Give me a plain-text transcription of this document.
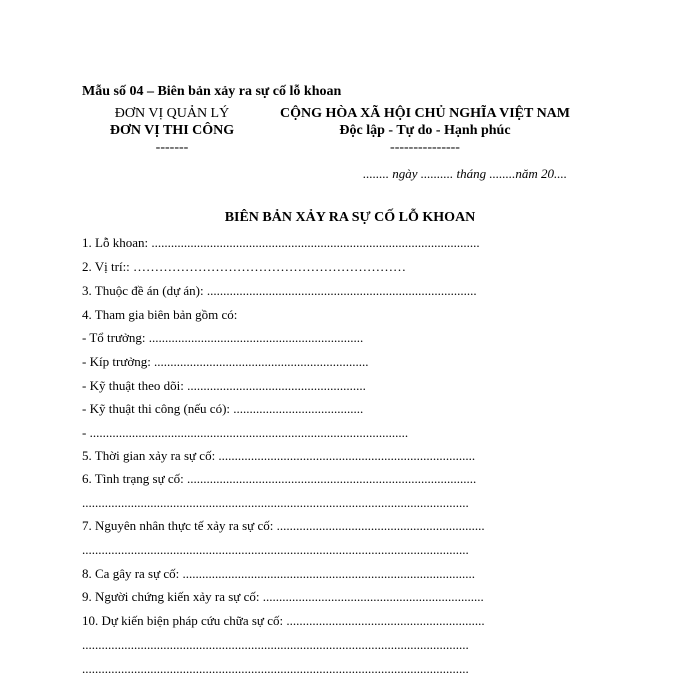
Mẫu số 04 – Biên bản xảy ra sự cố lỗ khoan
ĐƠN VỊ QUẢN LÝ
ĐƠN VỊ THI CÔNG
-------
CỘNG HÒA XÃ HỘI CHỦ NGHĨA VIỆT NAM
Độc lập - Tự do - Hạnh phúc
---------------
........ ngày .......... tháng ........năm 20....
BIÊN BẢN XẢY RA SỰ CỐ LỖ KHOAN
1. Lỗ khoan: .....................................................................................................
2. Vị trí:: ………………………………………………………
3. Thuộc đề án (dự án): ...................................................................................
4. Tham gia biên bản gồm có:
- Tổ trưởng: ..................................................................
- Kíp trưởng: ..................................................................
- Kỹ thuật theo dõi: .......................................................
- Kỹ thuật thi công (nếu có): ........................................
- ..................................................................................................
5. Thời gian xảy ra sự cố: ...............................................................................
6. Tình trạng sự cố: .........................................................................................
.......................................................................................................................
7. Nguyên nhân thực tế xảy ra sự cố: ................................................................
.......................................................................................................................
8. Ca gây ra sự cố: ..........................................................................................
9. Người chứng kiến xảy ra sự cố: ....................................................................
10. Dự kiến biện pháp cứu chữa sự cố: .............................................................
.......................................................................................................................
.......................................................................................................................
